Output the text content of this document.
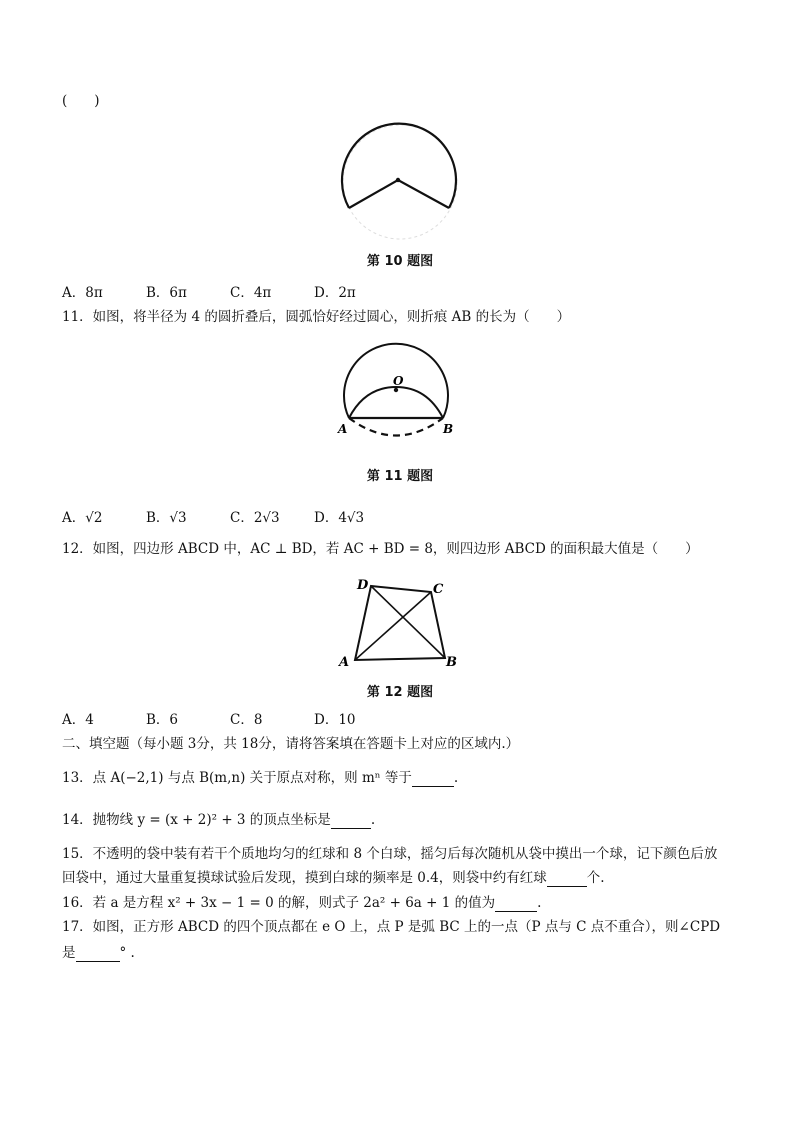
(　　)
第 10 题图
A．8π	B．6π	C．4π	D．2π
11．如图，将半径为 4 的圆折叠后，圆弧恰好经过圆心，则折痕 AB 的长为（　　）
O
A	B
第 11 题图
A．√2	B．√3	C．2√3	D．4√3
12．如图，四边形 ABCD 中，AC ⊥ BD，若 AC + BD = 8，则四边形 ABCD 的面积最大值是（　　）
D	C
A	B
第 12 题图
A．4	B．6	C．8	D．10
二、填空题（每小题 3分，共 18分，请将答案填在答题卡上对应的区域内.）
13．点 A(−2,1) 与点 B(m,n) 关于原点对称，则 mⁿ 等于	.
14．抛物线 y = (x + 2)² + 3 的顶点坐标是	.
15．不透明的袋中装有若干个质地均匀的红球和 8 个白球，摇匀后每次随机从袋中摸出一个球，记下颜色后放
回袋中，通过大量重复摸球试验后发现，摸到白球的频率是 0.4，则袋中约有红球	个.
16．若 a 是方程 x² + 3x − 1 = 0 的解，则式子 2a² + 6a + 1 的值为	.
17．如图，正方形 ABCD 的四个顶点都在 e O 上，点 P 是弧 BC 上的一点（P 点与 C 点不重合），则∠CPD
是	° .
